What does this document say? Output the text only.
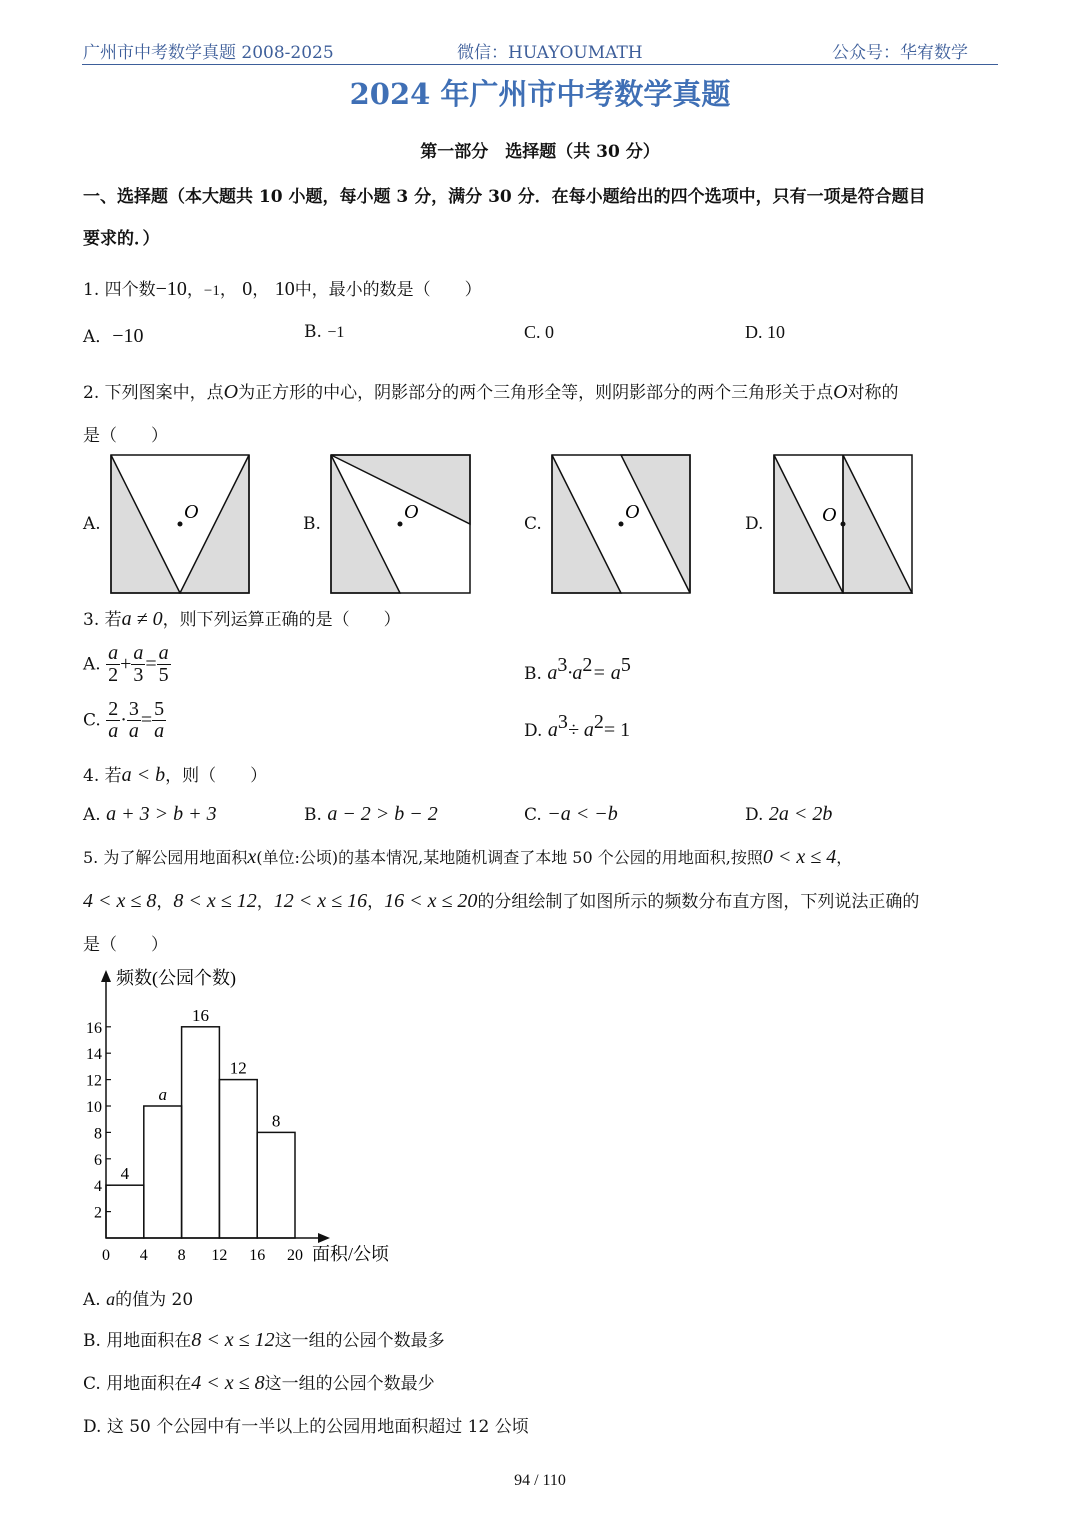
广州市中考数学真题 2008-2025	微信：HUAYOUMATH	公众号：华宥数学
2024 年广州市中考数学真题
第一部分　选择题（共 30 分）
一、选择题（本大题共 10 小题，每小题 3 分，满分 30 分．在每小题给出的四个选项中，只有一项是符合题目
要求的．）
1. 四个数−10，−1， 0， 10中，最小的数是（　　）
A．−10	B. −1	C. 0	D. 10
2. 下列图案中，点O为正方形的中心，阴影部分的两个三角形全等，则阴影部分的两个三角形关于点O对称的
是（　　）
A.	B.	C.	D.
O	O	O	O
3. 若a ≠ 0，则下列运算正确的是（　　）
A. $\frac{a}{2} + \frac{a}{3} = \frac{a}{5}$	B. $a^3\cdot a^2= a^5$
C. $\frac{2}{a} \cdot \frac{3}{a} = \frac{5}{a}$	D. $a^3\div a^2= 1$
4. 若a < b，则（　　）
A. a + 3 > b + 3	B. a − 2 > b − 2	C. −a < −b	D. 2a < 2b
5. 为了解公园用地面积x(单位:公顷)的基本情况,某地随机调查了本地 50 个公园的用地面积,按照0 < x ≤ 4，
4 < x ≤ 8，8 < x ≤ 12，12 < x ≤ 16，16 < x ≤ 20的分组绘制了如图所示的频数分布直方图，下列说法正确的
是（　　）
频数(公园个数)
面积/公顷
2
4
6
8
10
12
14
16
0 4 8 12 16 20
4
a
16
12
8
A. a的值为 20
B. 用地面积在8 < x ≤ 12这一组的公园个数最多
C. 用地面积在4 < x ≤ 8这一组的公园个数最少
D. 这 50 个公园中有一半以上的公园用地面积超过 12 公顷
94 / 110
